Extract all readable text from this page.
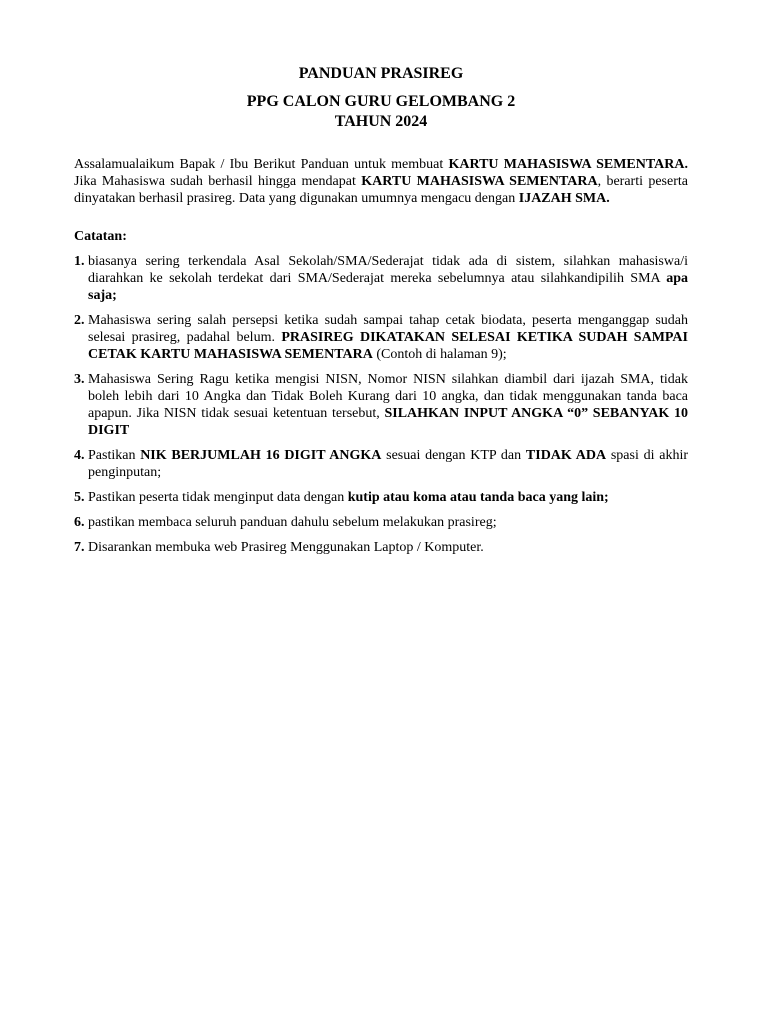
PANDUAN PRASIREG

PPG CALON GURU GELOMBANG 2

TAHUN 2024

Assalamualaikum Bapak / Ibu Berikut Panduan untuk membuat KARTU MAHASISWA SEMENTARA. Jika Mahasiswa sudah berhasil hingga mendapat KARTU MAHASISWA SEMENTARA, berarti peserta dinyatakan berhasil prasireg. Data yang digunakan umumnya mengacu dengan IJAZAH SMA.
Catatan:
1. biasanya sering terkendala Asal Sekolah/SMA/Sederajat tidak ada di sistem, silahkan mahasiswa/i diarahkan ke sekolah terdekat dari SMA/Sederajat mereka sebelumnya atau silahkandipilih SMA apa saja;
2. Mahasiswa sering salah persepsi ketika sudah sampai tahap cetak biodata, peserta menganggap sudah selesai prasireg, padahal belum. PRASIREG DIKATAKAN SELESAI KETIKA SUDAH SAMPAI CETAK KARTU MAHASISWA SEMENTARA (Contoh di halaman 9);
3. Mahasiswa Sering Ragu ketika mengisi NISN, Nomor NISN silahkan diambil dari ijazah SMA, tidak boleh lebih dari 10 Angka dan Tidak Boleh Kurang dari 10 angka, dan tidak menggunakan tanda baca apapun. Jika NISN tidak sesuai ketentuan tersebut, SILAHKAN INPUT ANGKA “0” SEBANYAK 10 DIGIT
4. Pastikan NIK BERJUMLAH 16 DIGIT ANGKA sesuai dengan KTP dan TIDAK ADA spasi di akhir penginputan;
5. Pastikan peserta tidak menginput data dengan kutip atau koma atau tanda baca yang lain;
6. pastikan membaca seluruh panduan dahulu sebelum melakukan prasireg;
7. Disarankan membuka web Prasireg Menggunakan Laptop / Komputer.
